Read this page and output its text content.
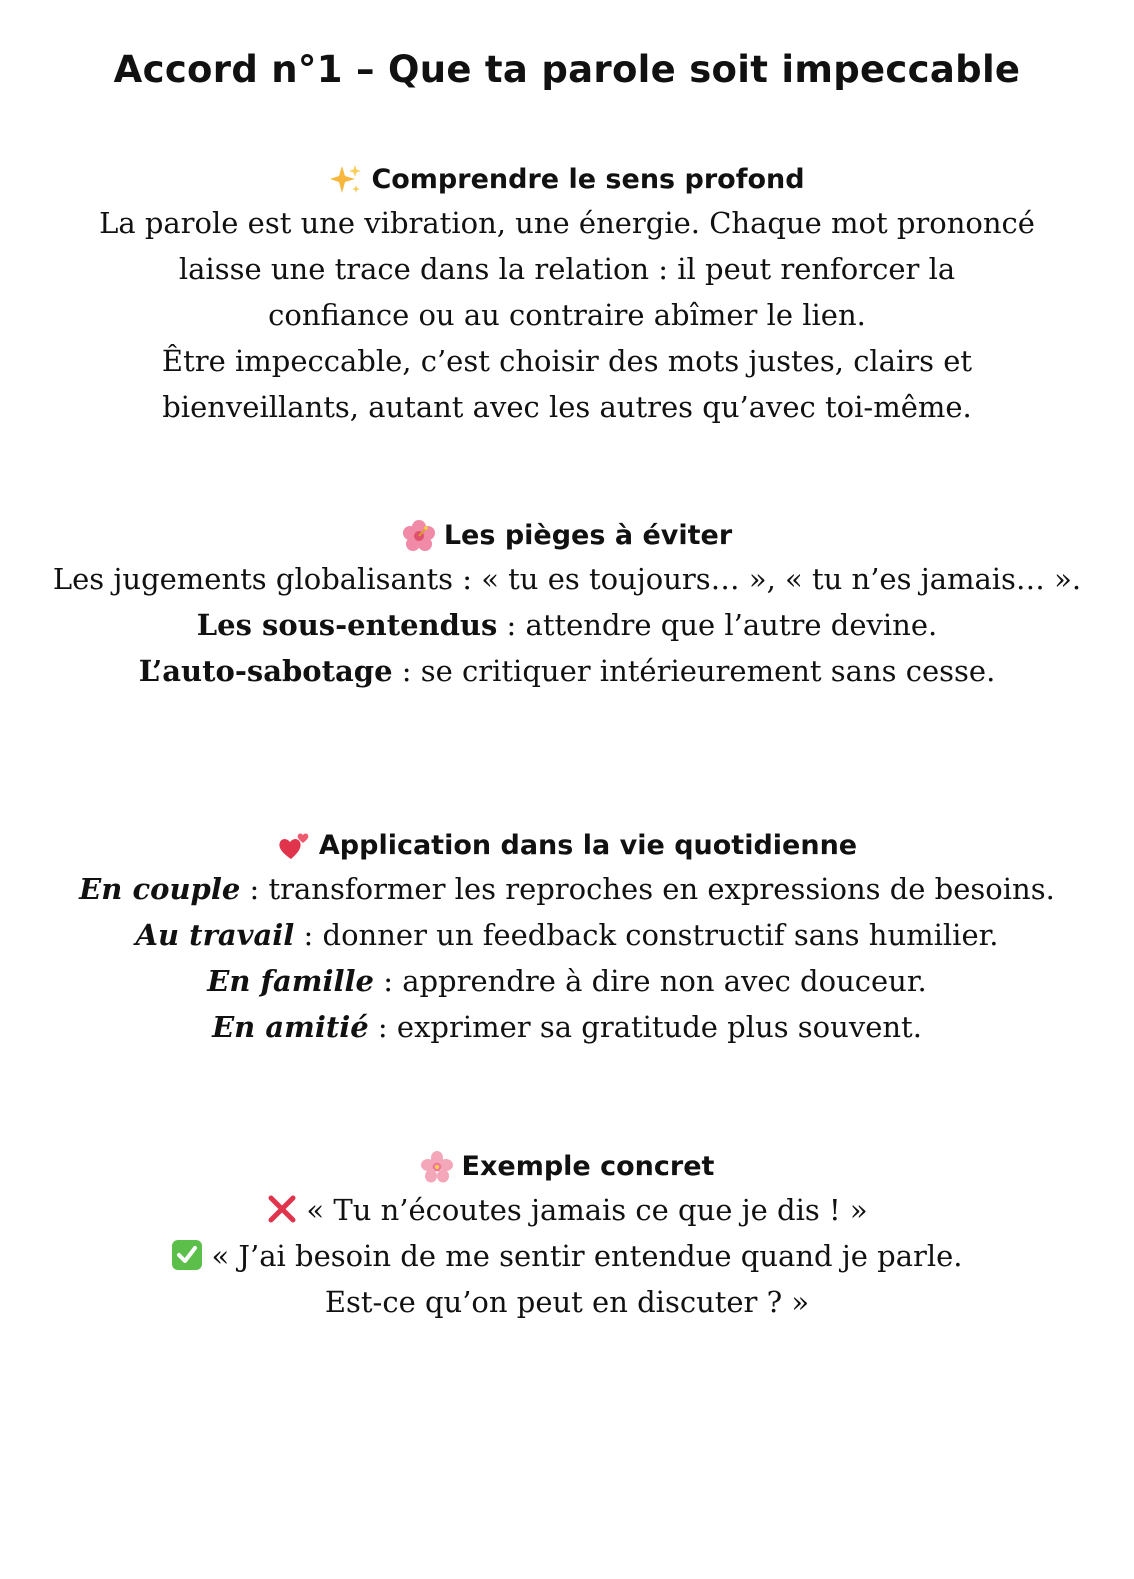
Accord n°1 – Que ta parole soit impeccable
Comprendre le sens profond
La parole est une vibration, une énergie. Chaque mot prononcé
laisse une trace dans la relation : il peut renforcer la
confiance ou au contraire abîmer le lien.
Être impeccable, c’est choisir des mots justes, clairs et
bienveillants, autant avec les autres qu’avec toi-même.
Les pièges à éviter
Les jugements globalisants : « tu es toujours… », « tu n’es jamais… ».
Les sous-entendus : attendre que l’autre devine.
L’auto-sabotage : se critiquer intérieurement sans cesse.
Application dans la vie quotidienne
En couple : transformer les reproches en expressions de besoins.
Au travail : donner un feedback constructif sans humilier.
En famille : apprendre à dire non avec douceur.
En amitié : exprimer sa gratitude plus souvent.
Exemple concret
« Tu n’écoutes jamais ce que je dis ! »
« J’ai besoin de me sentir entendue quand je parle.
Est-ce qu’on peut en discuter ? »
